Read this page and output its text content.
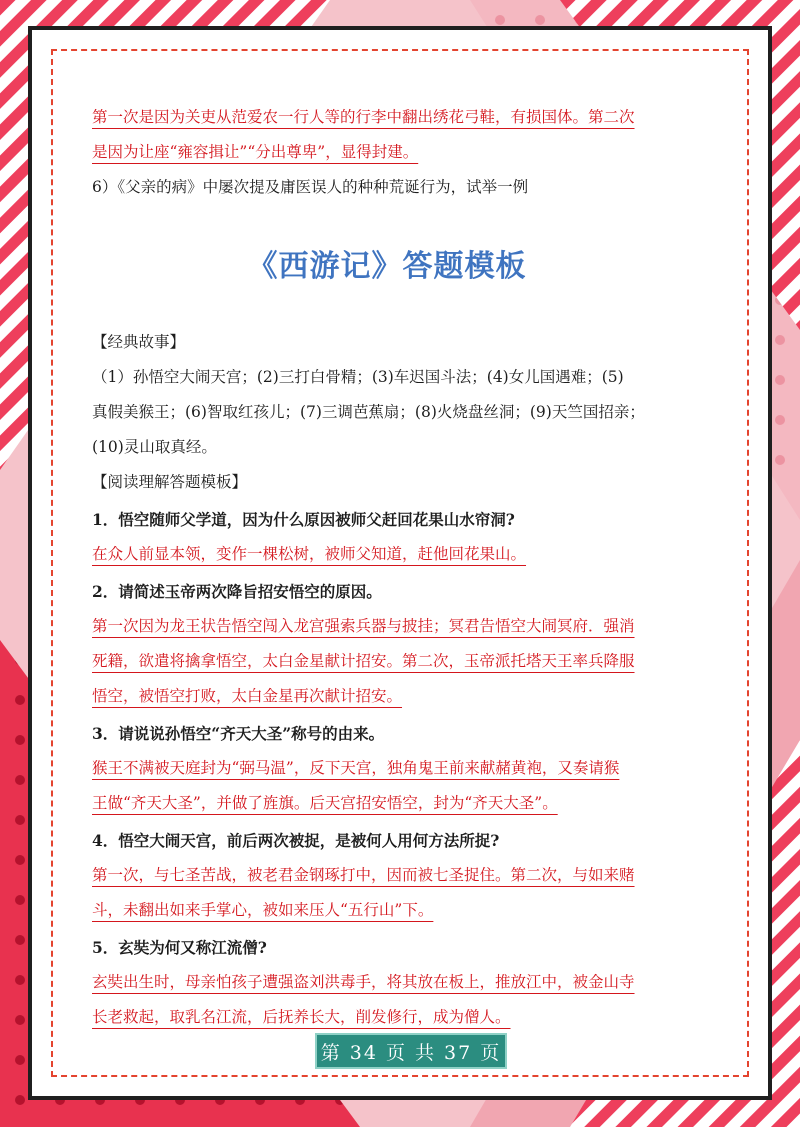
第一次是因为关吏从范爱农一行人等的行李中翻出绣花弓鞋，有损国体。第二次

是因为让座“雍容揖让”“分出尊卑”，显得封建。

6）《父亲的病》中屡次提及庸医误人的种种荒诞行为，试举一例

《西游记》答题模板

【经典故事】

（1）孙悟空大闹天宫；(2)三打白骨精；(3)车迟国斗法；(4)女儿国遇难；(5)

真假美猴王；(6)智取红孩儿；(7)三调芭蕉扇；(8)火烧盘丝洞；(9)天竺国招亲；

(10)灵山取真经。

【阅读理解答题模板】

1．悟空随师父学道，因为什么原因被师父赶回花果山水帘洞?

在众人前显本领，变作一棵松树，被师父知道，赶他回花果山。

2．请简述玉帝两次降旨招安悟空的原因。

第一次因为龙王状告悟空闯入龙宫强索兵器与披挂；冥君告悟空大闹冥府．强消

死籍，欲遣将擒拿悟空，太白金星献计招安。第二次，玉帝派托塔天王率兵降服

悟空，被悟空打败，太白金星再次献计招安。

3．请说说孙悟空“齐天大圣”称号的由来。

猴王不满被天庭封为“弼马温”，反下天宫，独角鬼王前来献赭黄袍，又奏请猴

王做“齐天大圣”，并做了旌旗。后天宫招安悟空，封为“齐天大圣”。

4．悟空大闹天宫，前后两次被捉，是被何人用何方法所捉?

第一次，与七圣苦战，被老君金钢琢打中，因而被七圣捉住。第二次，与如来赌

斗，未翻出如来手掌心，被如来压人“五行山”下。

5．玄奘为何又称江流僧?

玄奘出生时，母亲怕孩子遭强盗刘洪毒手，将其放在板上，推放江中，被金山寺

长老救起，取乳名江流，后抚养长大，削发修行，成为僧人。

第 34 页 共 37 页
